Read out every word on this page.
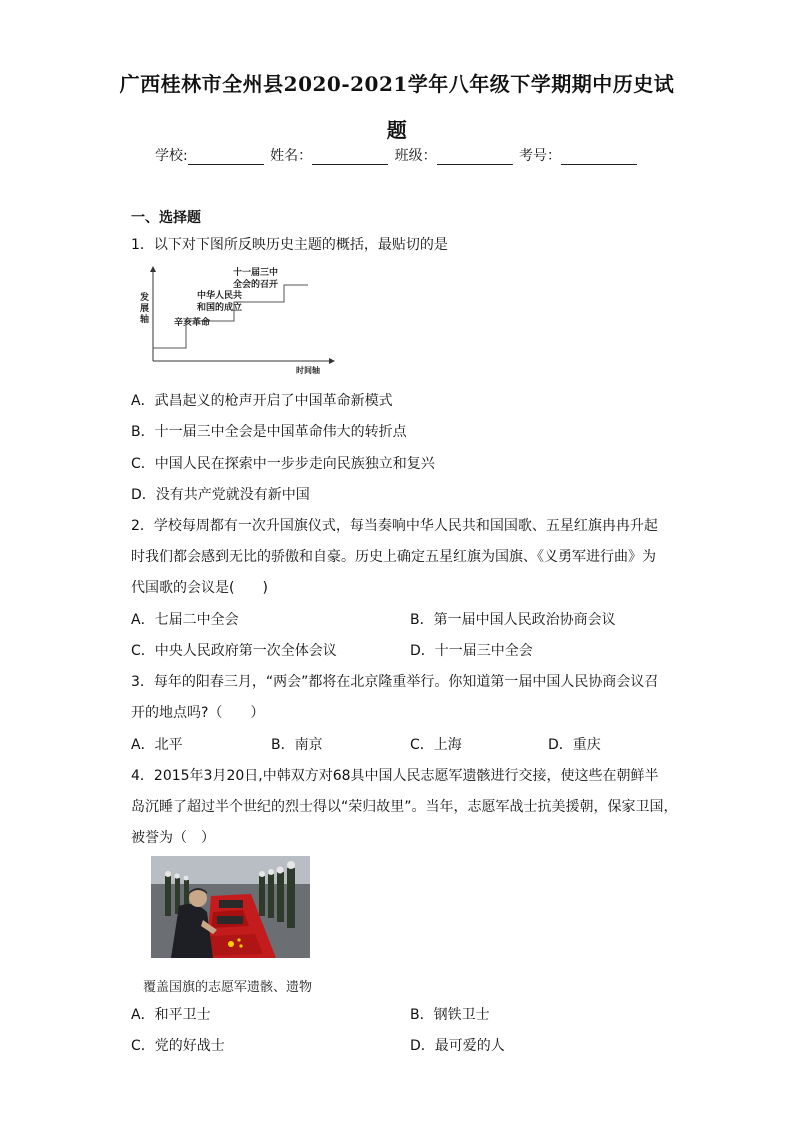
广西桂林市全州县2020-2021学年八年级下学期期中历史试
题
学校:	姓名：	班级：	考号：
一、选择题
1．以下对下图所反映历史主题的概括，最贴切的是
发展轴
时间轴
辛亥革命
中华人民共
和国的成立
十一届三中
全会的召开
A．武昌起义的枪声开启了中国革命新模式
B．十一届三中全会是中国革命伟大的转折点
C．中国人民在探索中一步步走向民族独立和复兴
D．没有共产党就没有新中国
2．学校每周都有一次升国旗仪式，每当奏响中华人民共和国国歌、五星红旗冉冉升起
时我们都会感到无比的骄傲和自豪。历史上确定五星红旗为国旗、《义勇军进行曲》为
代国歌的会议是(　　)
A．七届二中全会	B．第一届中国人民政治协商会议
C．中央人民政府第一次全体会议	D．十一届三中全会
3．每年的阳春三月，“两会”都将在北京隆重举行。你知道第一届中国人民协商会议召
开的地点吗?（　　）
A．北平	B．南京	C．上海	D．重庆
4．2015年3月20日,中韩双方对68具中国人民志愿军遗骸进行交接，使这些在朝鲜半
岛沉睡了超过半个世纪的烈士得以“荣归故里”。当年，志愿军战士抗美援朝，保家卫国，
被誉为（　）
覆盖国旗的志愿军遗骸、遗物
A．和平卫士	B．钢铁卫士
C．党的好战士	D．最可爱的人
